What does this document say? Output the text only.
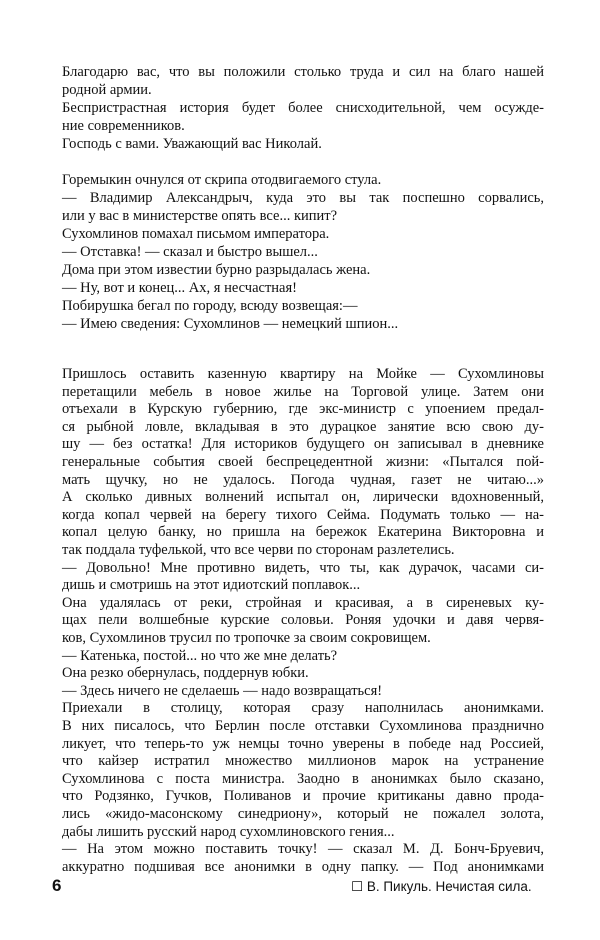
Благодарю вас, что вы положили столько труда и сил на благо нашей
родной армии.
Беспристрастная история будет более снисходительной, чем осужде-
ние современников.
Господь с вами. Уважающий вас Николай.
Горемыкин очнулся от скрипа отодвигаемого стула.
— Владимир Александрыч, куда это вы так поспешно сорвались,
или у вас в министерстве опять все... кипит?
Сухомлинов помахал письмом императора.
— Отставка! — сказал и быстро вышел...
Дома при этом известии бурно разрыдалась жена.
— Ну, вот и конец... Ах, я несчастная!
Побирушка бегал по городу, всюду возвещая:—
— Имею сведения: Сухомлинов — немецкий шпион...
Пришлось оставить казенную квартиру на Мойке — Сухомлиновы
перетащили мебель в новое жилье на Торговой улице. Затем они
отъехали в Курскую губернию, где экс-министр с упоением предал-
ся рыбной ловле, вкладывая в это дурацкое занятие всю свою ду-
шу — без остатка! Для историков будущего он записывал в дневнике
генеральные события своей беспрецедентной жизни: «Пытался пой-
мать щучку, но не удалось. Погода чудная, газет не читаю...»
А сколько дивных волнений испытал он, лирически вдохновенный,
когда копал червей на берегу тихого Сейма. Подумать только — на-
копал целую банку, но пришла на бережок Екатерина Викторовна и
так поддала туфелькой, что все черви по сторонам разлетелись.
— Довольно! Мне противно видеть, что ты, как дурачок, часами си-
дишь и смотришь на этот идиотский поплавок...
Она удалялась от реки, стройная и красивая, а в сиреневых ку-
щах пели волшебные курские соловьи. Роняя удочки и давя червя-
ков, Сухомлинов трусил по тропочке за своим сокровищем.
— Катенька, постой... но что же мне делать?
Она резко обернулась, поддернув юбки.
— Здесь ничего не сделаешь — надо возвращаться!
Приехали в столицу, которая сразу наполнилась анонимками.
В них писалось, что Берлин после отставки Сухомлинова праздничнo
ликует, что теперь-то уж немцы точно уверены в победе над Россией,
что кайзер истратил множество миллионов марок на устранение
Сухомлинова с поста министра. Заодно в анонимках было сказано,
что Родзянко, Гучков, Поливанов и прочие критиканы давно прода-
лись «жидо-масонскому синедриону», который не пожалел золота,
дабы лишить русский народ сухомлиновского гения...
— На этом можно поставить точку! — сказал М. Д. Бонч-Бруевич,
аккуратно подшивая все анонимки в одну папку. — Под анонимками
6	☐ В. Пикуль. Нечистая сила.
